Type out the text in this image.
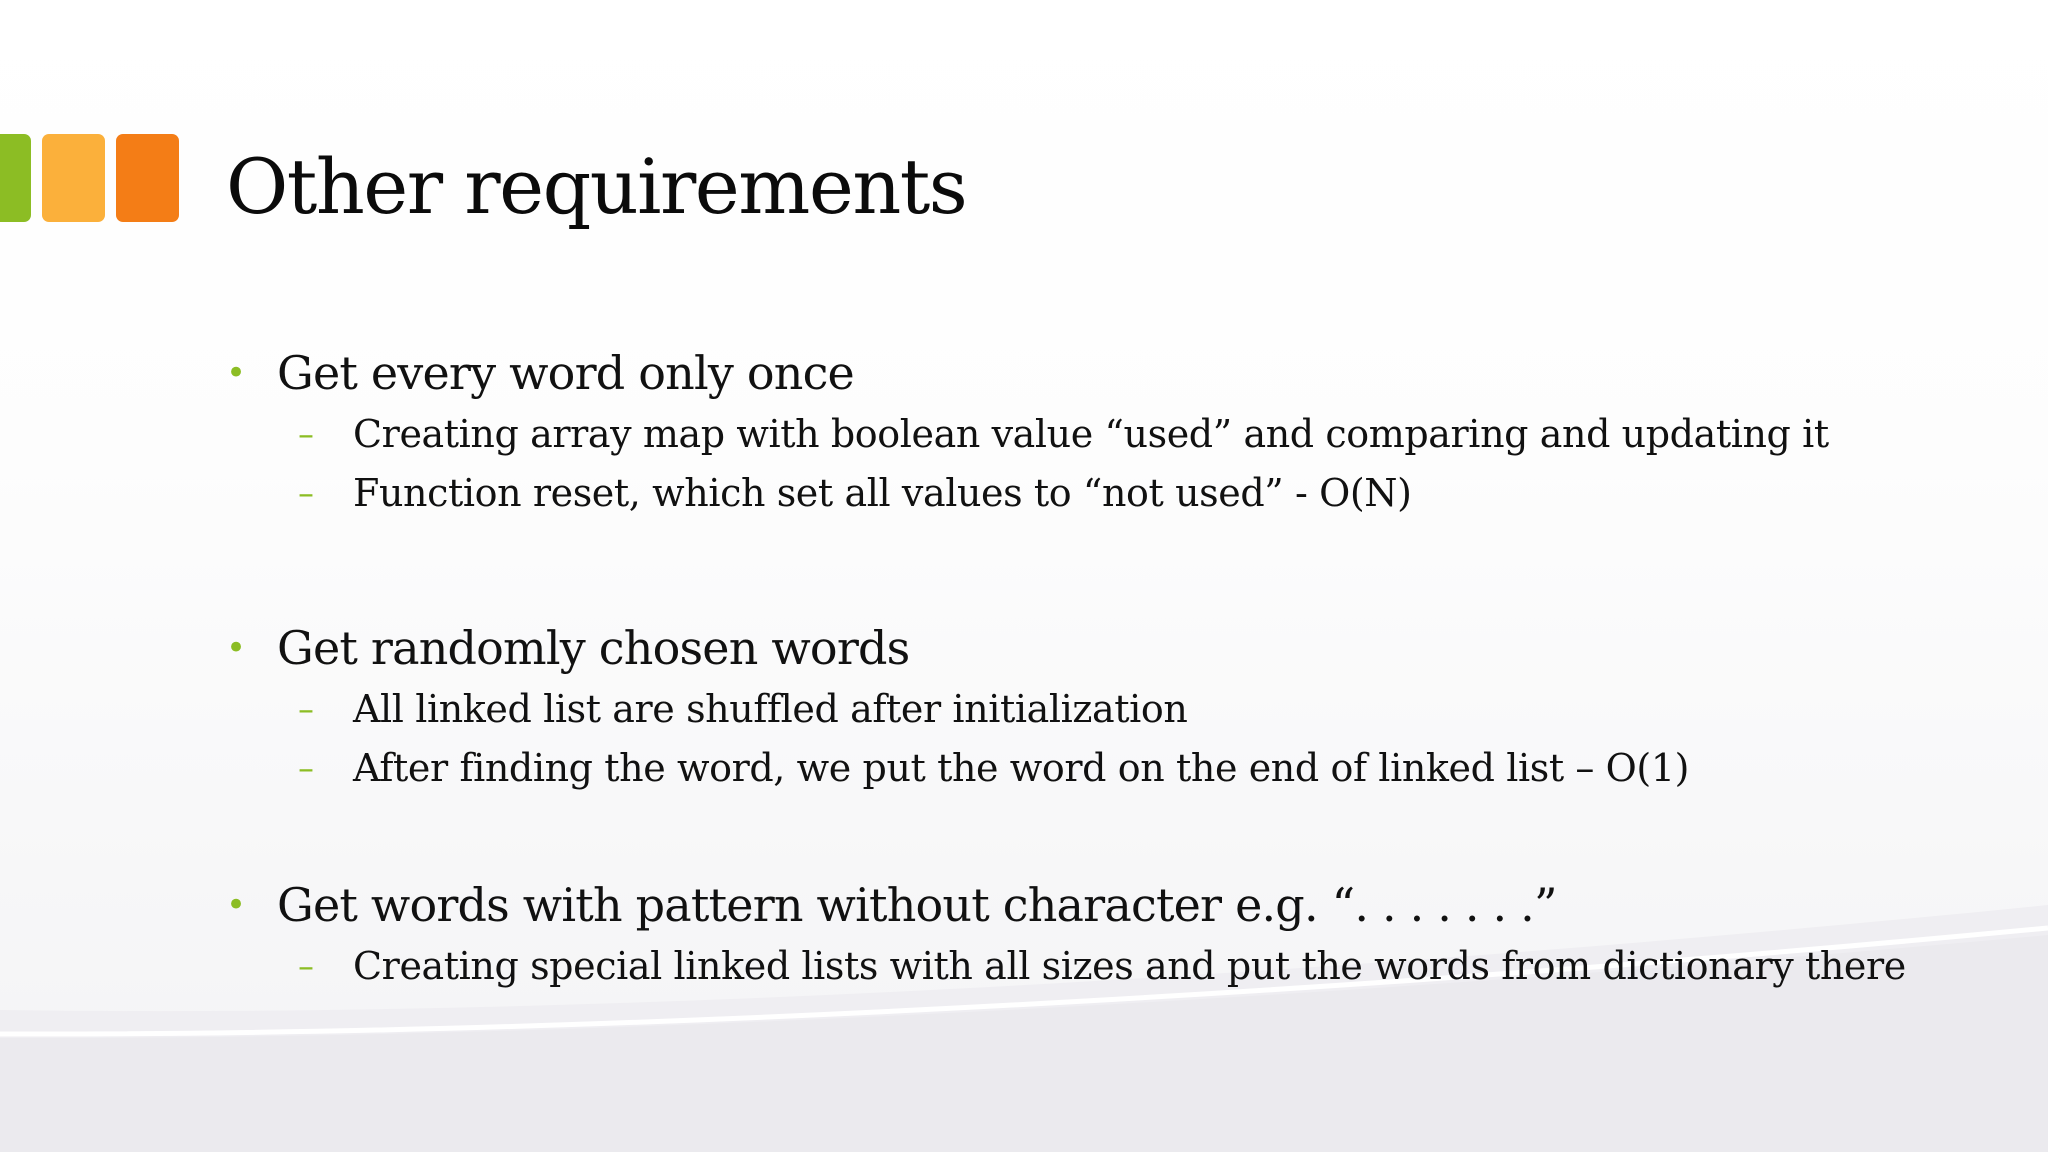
Other requirements
• Get every word only once
– Creating array map with boolean value “used” and comparing and updating it
– Function reset, which set all values to “not used” - O(N)
• Get randomly chosen words
– All linked list are shuffled after initialization
– After finding the word, we put the word on the end of linked list – O(1)
• Get words with pattern without character e.g. “. . . . . . .”
– Creating special linked lists with all sizes and put the words from dictionary there
